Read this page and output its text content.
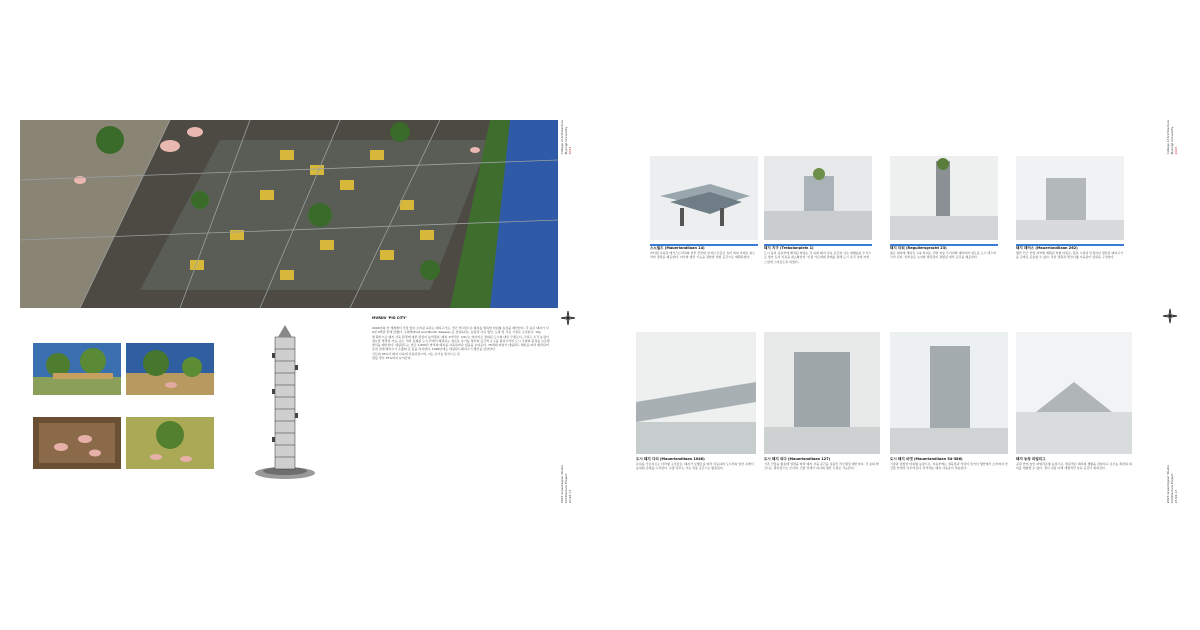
College of Architecture
Myongji University
2023
MVRDV 'PIG CITY'
2000년의 한 세계에서 가장 많이 소비된 육류는 돼지고기로, 연간 약 9천 4백만 톤에 달했다. 구제역(Foot and Mouth disease) 등 전염병 확산으로 돼지 사육 환경에 대한 관심이 높아졌다. 돼지 1마리당 필요한 면적과 사료, 분뇨 처리 문제를 도시 안에서 해결하는 새로운 방식을 제안한다. 네덜란드는 연간 1,650만 마리의 돼지를 사육하며, 유럽 전체 돼지고기 수출의 큰 몫을 차지한다. 1999년에는 네덜란드 국토의 35%가 돼지 사육에 사용되었으며, 이는 유기농 방식으로 전환될 경우 75%까지 늘어난다.
그럼으로 돼지를 방목할 타워형 농장을 제안한다. 각 층은 돼지가 사육되는 농장과 사료 생산, 도축 및 가공 시설로 구성된다. 'Pig City'는 데이터로 정의된 도시의 대안 모델로서, 고밀도 수직 농장이 유기농 축산의 공간적 요구를 충족시키며 도시 주변의 풍경을 보존할 수 있음을 보여준다. 76개의 타워가 네덜란드 해안을 따라 배치되어 돼지고기 생산을 담당한다.
2023 Grasshopper Studio
Architecture Project
23.02.17
College of Architecture
Myongji University
2023
스노월드 (Mauerlandilaan 14)
버티컬 사육장 메가스트럭처의 상부 전망대 겸 레스토랑은 유리 외피 아래로 파노라마 경관을 제공한다. 여가와 생산 기능을 결합한 복합 공간으로 계획되었다.
돼지 지구 (Trebolanplein 1)
도시 블록 중심부에 배치된 타워는 각 층의 돼지 사육 공간과 사료 재배층을 수직으로 쌓아 토지 이용을 최소화한다. 인접 가로와의 관계를 통해 도시 조직 속에 자연스럽게 스며들도록 하였다.
돼지 타워 (Reguliersgracht 23)
좁은 대지에 세워진 고층 타워는 주변 저층 주거지와 대비되며 새로운 도시 랜드마크가 된다. 상부층은 녹지와 방목장이 결합된 외부 공간을 제공한다.
돼지 패러스 (Mauerlandilaan 262)
항만 인근 산업 지역에 계획된 복합 타워로, 물류 시설과 인접하여 생산된 돼지고기를 곧바로 운송할 수 있다. 옥상 정원과 발코니형 사육장이 입면을 구성한다.
도시 돼지 다리 (Mauerlandilaan 1046)
운하를 가로지르는 다리형 구조물로, 돼지가 보행로를 따라 이동하며 도시민의 일상 속에서 농업의 존재를 드러낸다. 교량 하부는 사료 저장 공간으로 활용된다.
도시 돼지 되다 (Mauerlandilaan 127)
기존 건물을 활용해 입면을 따라 돼지 사육 공간을 덧붙인 리모델링 제안이다. 각 층의 발코니는 방목장으로 쓰이며, 건물 전체가 하나의 생산 시설로 기능한다.
도시 돼지 마켓 (Mauerlandilaan 54-386)
시장과 결합한 타워형 농장으로, 저층부에는 정육점과 식당이 들어서 생산에서 소비까지 한 건물 안에서 이루어진다. 상부에는 돼지 사육층이 적층된다.
돼지 농장 파빌리그
공원 안에 놓인 파빌리온형 농장으로, 방문객은 돼지의 생활을 관찰하고 유기농 축산의 의미를 체험할 수 있다. 경사 지붕 아래 개방적인 사육 공간이 펼쳐진다.	2023 Grasshopper Studio
Architecture Project
23.02.17
